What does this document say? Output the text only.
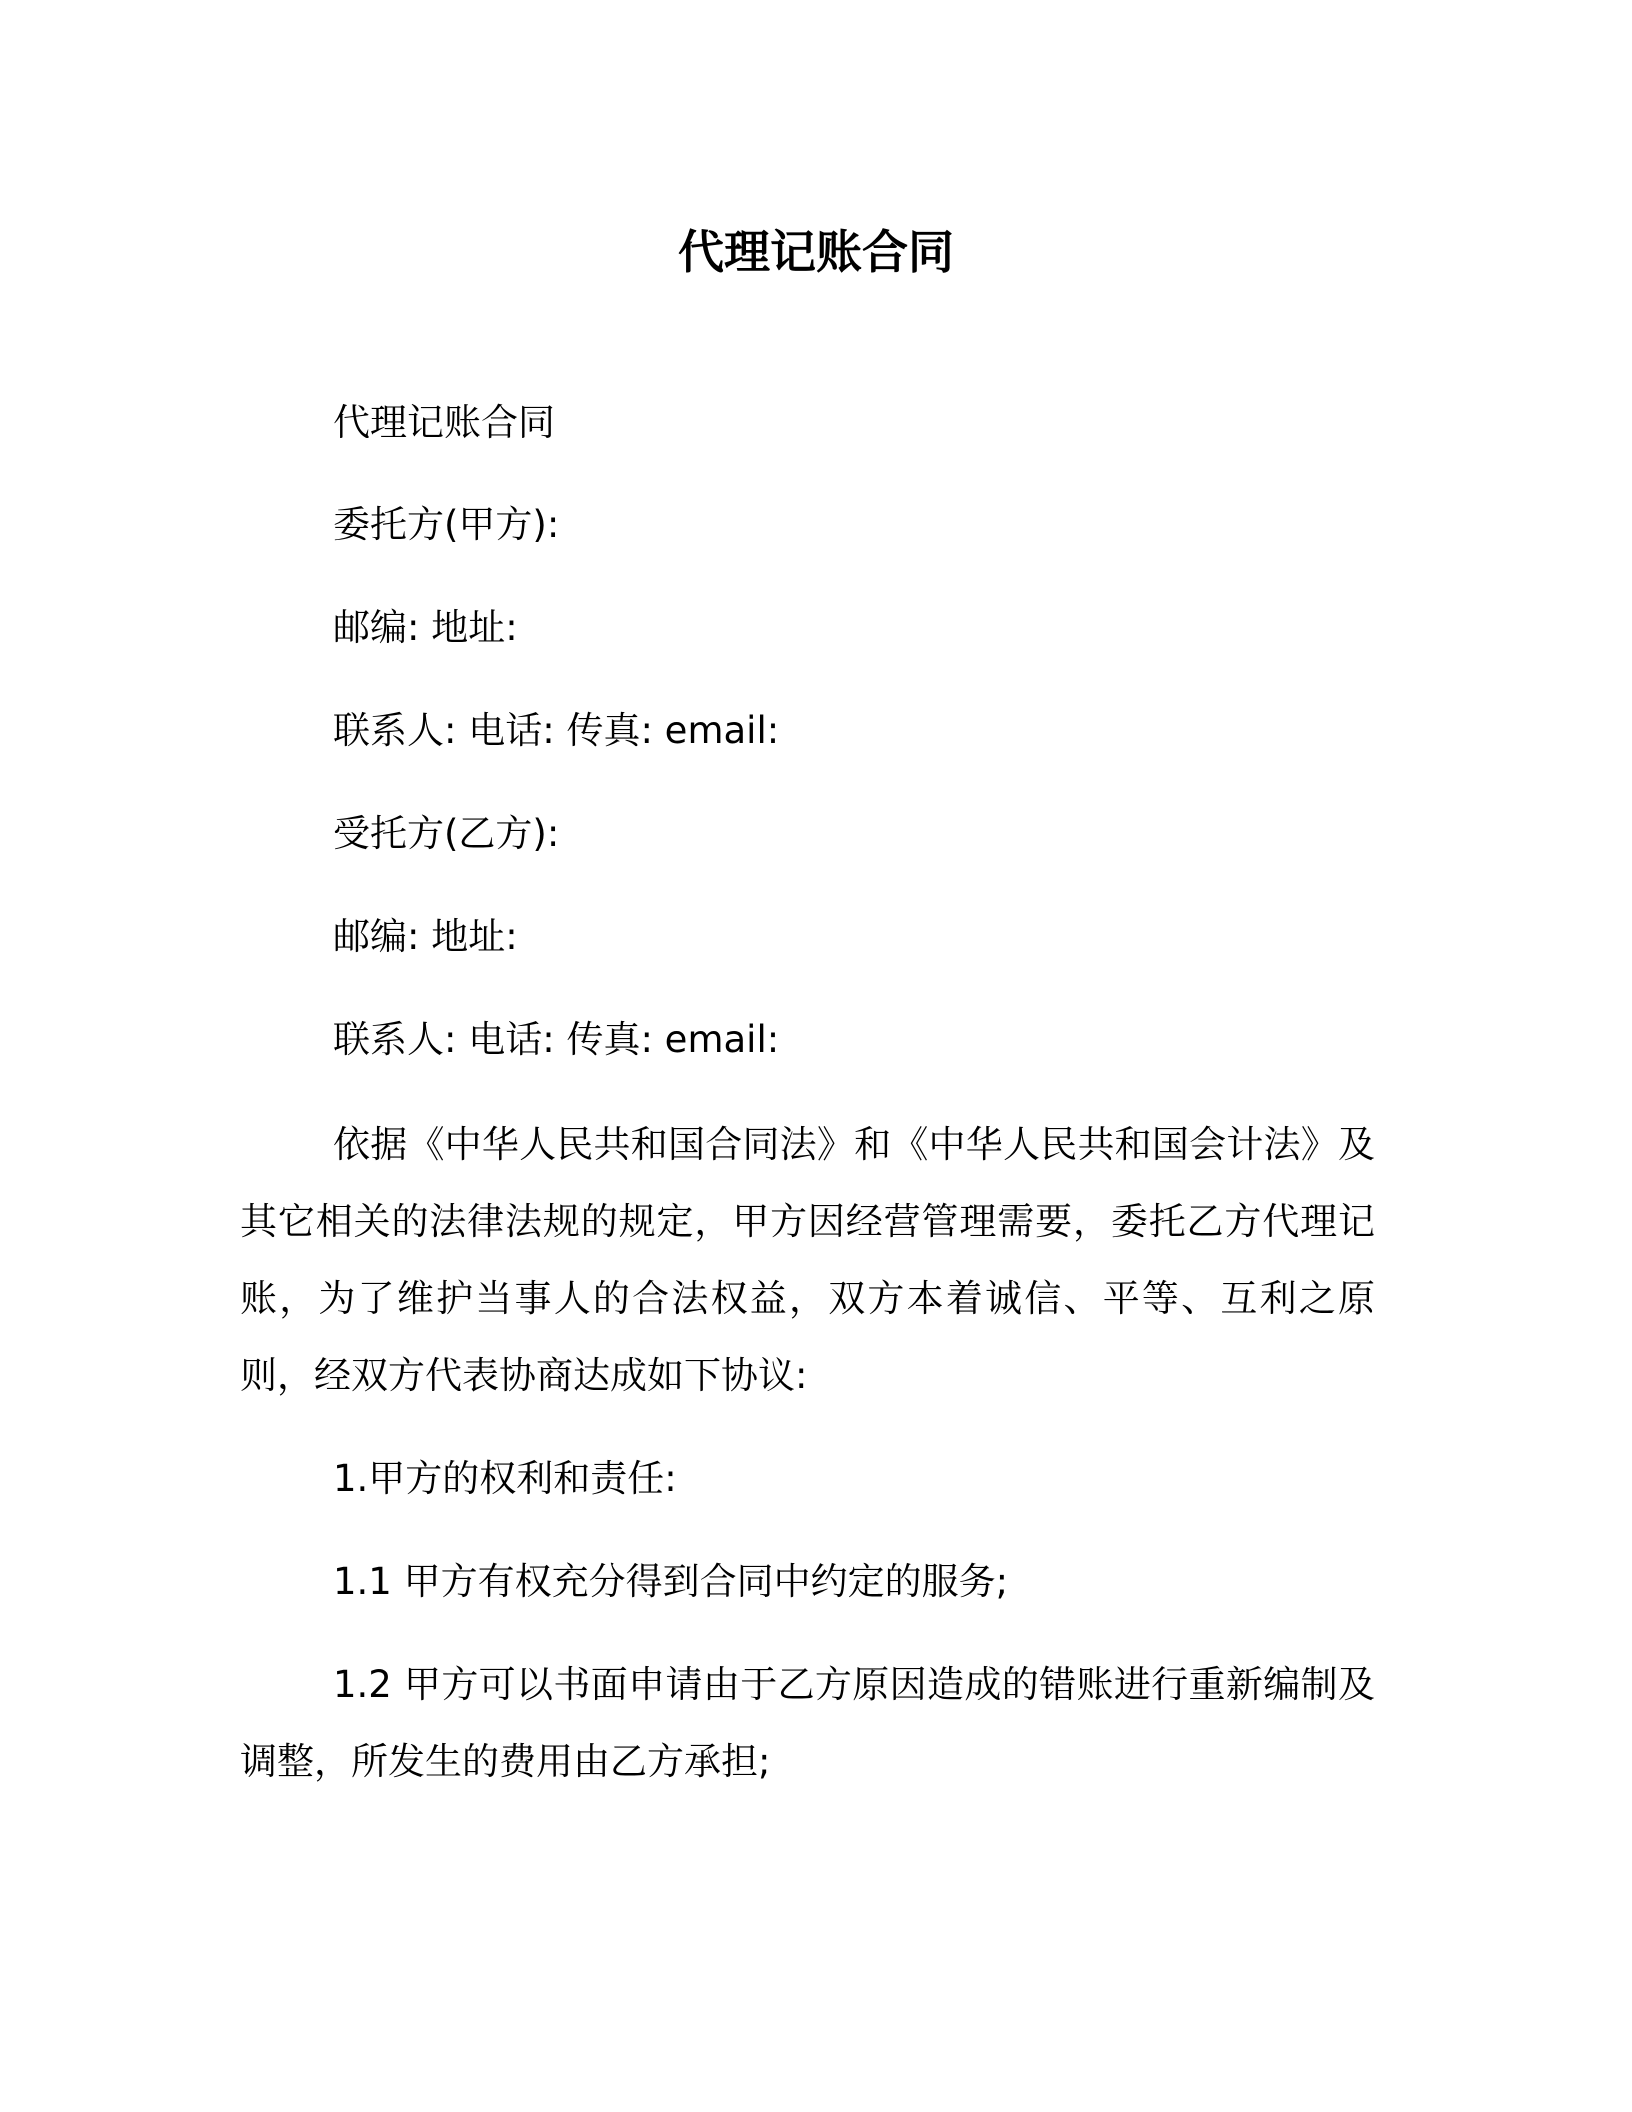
代理记账合同

代理记账合同

委托方(甲方):

邮编: 地址:

联系人: 电话: 传真: email:

受托方(乙方):

邮编: 地址:

联系人: 电话: 传真: email:

依据《中华人民共和国合同法》和《中华人民共和国会计法》及其它相关的法律法规的规定，甲方因经营管理需要，委托乙方代理记账，为了维护当事人的合法权益，双方本着诚信、平等、互利之原则，经双方代表协商达成如下协议:

1.甲方的权利和责任:

1.1 甲方有权充分得到合同中约定的服务;

1.2 甲方可以书面申请由于乙方原因造成的错账进行重新编制及调整，所发生的费用由乙方承担;
